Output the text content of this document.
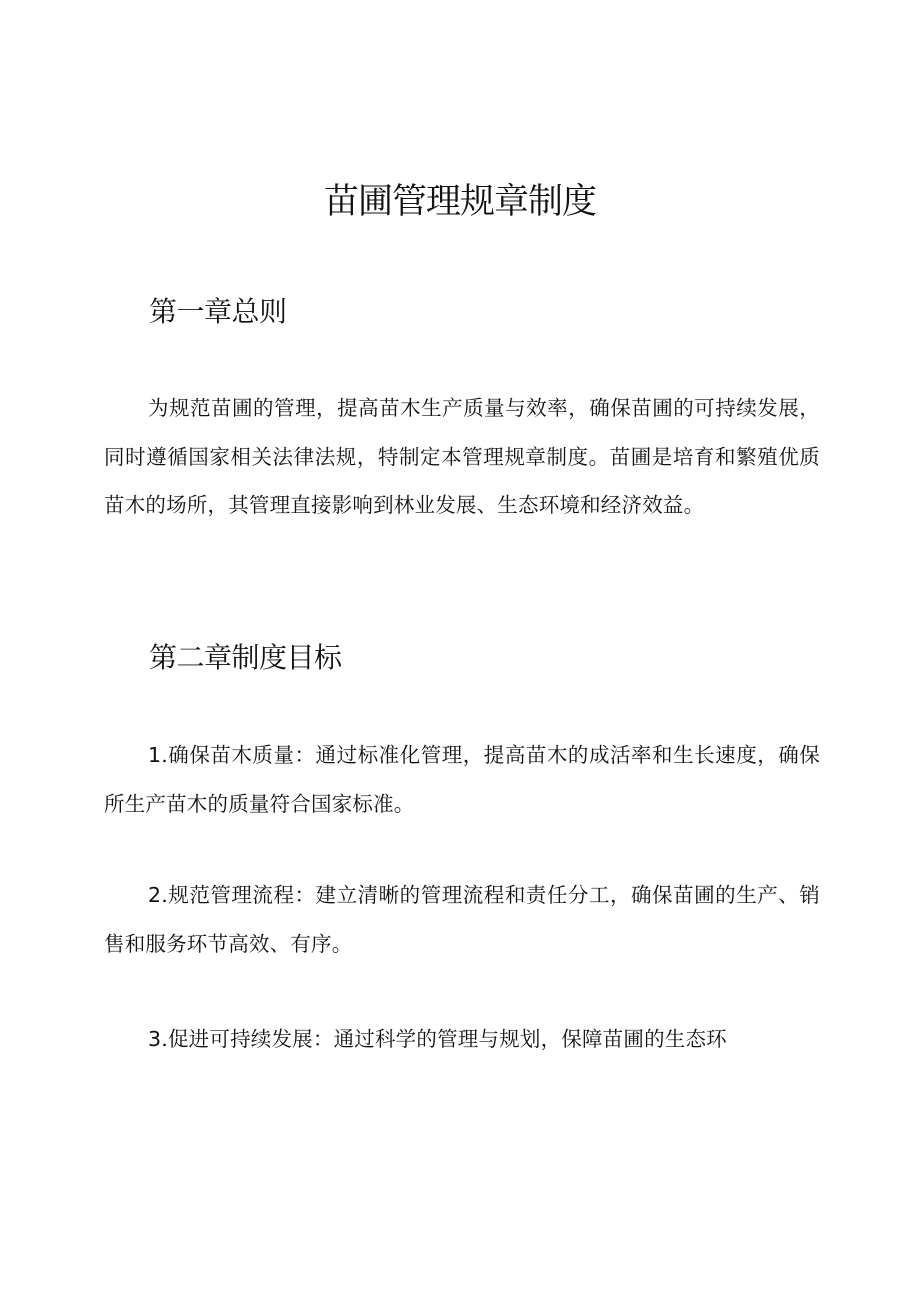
苗圃管理规章制度
第一章总则

为规范苗圃的管理，提高苗木生产质量与效率，确保苗圃的可持续发展，同时遵循国家相关法律法规，特制定本管理规章制度。苗圃是培育和繁殖优质苗木的场所，其管理直接影响到林业发展、生态环境和经济效益。

第二章制度目标

1.确保苗木质量：通过标准化管理，提高苗木的成活率和生长速度，确保所生产苗木的质量符合国家标准。

2.规范管理流程：建立清晰的管理流程和责任分工，确保苗圃的生产、销售和服务环节高效、有序。

3.促进可持续发展：通过科学的管理与规划，保障苗圃的生态环
